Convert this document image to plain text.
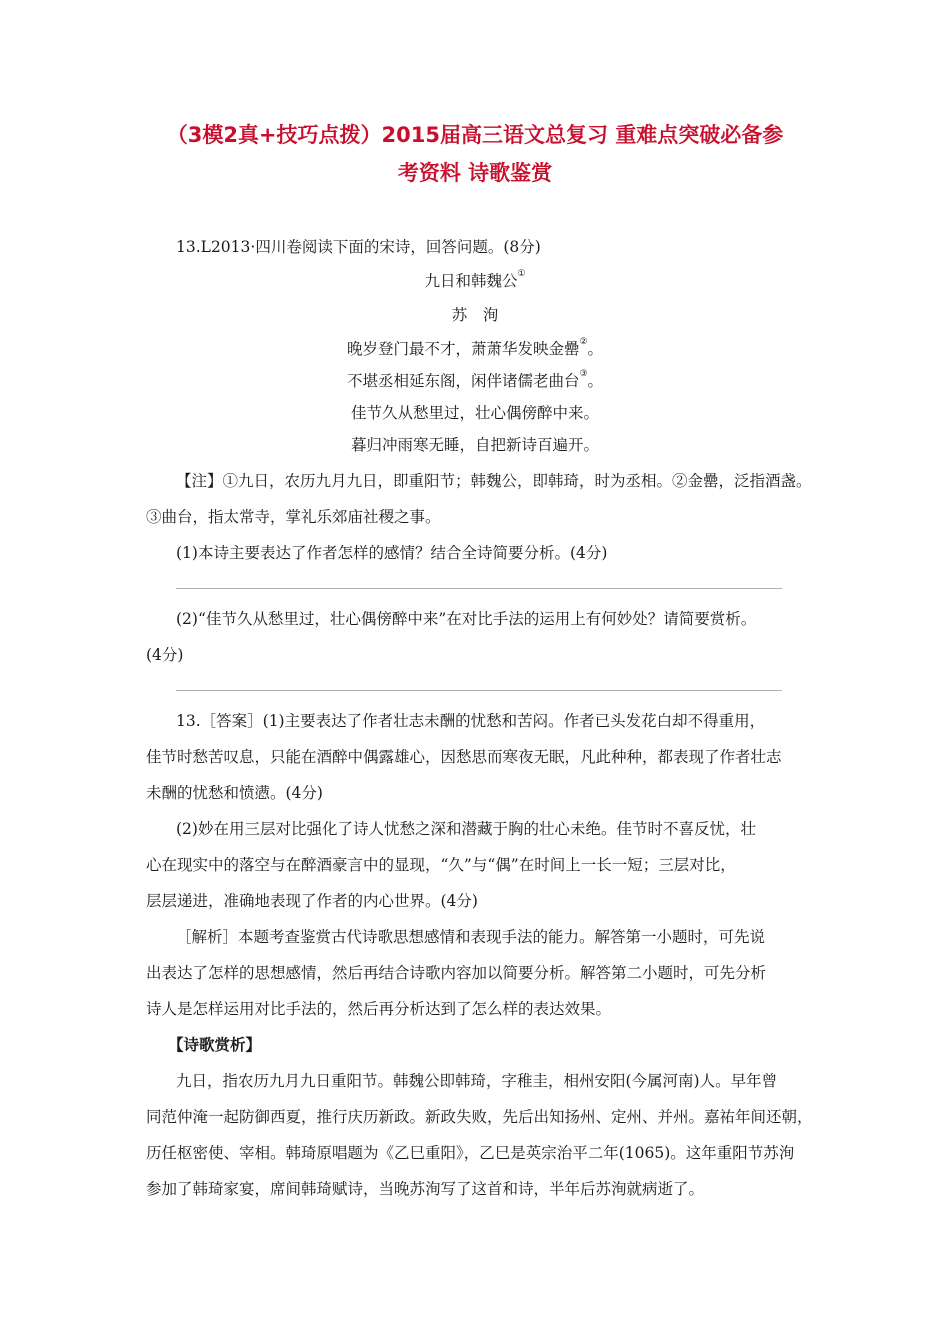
（3模2真+技巧点拨）2015届高三语文总复习 重难点突破必备参
考资料 诗歌鉴赏
13.L2013·四川卷阅读下面的宋诗，回答问题。(8分)
九日和韩魏公①
苏　洵
晚岁登门最不才，萧萧华发映金罍②。
不堪丞相延东阁，闲伴诸儒老曲台③。
佳节久从愁里过，壮心偶傍醉中来。
暮归冲雨寒无睡，自把新诗百遍开。
【注】①九日，农历九月九日，即重阳节；韩魏公，即韩琦，时为丞相。②金罍，泛指酒盏。
③曲台，指太常寺，掌礼乐郊庙社稷之事。
(1)本诗主要表达了作者怎样的感情？结合全诗简要分析。(4分)
(2)“佳节久从愁里过，壮心偶傍醉中来”在对比手法的运用上有何妙处？请简要赏析。
(4分)
13.［答案］(1)主要表达了作者壮志未酬的忧愁和苦闷。作者已头发花白却不得重用，
佳节时愁苦叹息，只能在酒醉中偶露雄心，因愁思而寒夜无眠，凡此种种，都表现了作者壮志
未酬的忧愁和愤懑。(4分)
(2)妙在用三层对比强化了诗人忧愁之深和潜藏于胸的壮心未绝。佳节时不喜反忧，壮
心在现实中的落空与在醉酒豪言中的显现，“久”与“偶”在时间上一长一短；三层对比，
层层递进，准确地表现了作者的内心世界。(4分)
［解析］本题考查鉴赏古代诗歌思想感情和表现手法的能力。解答第一小题时，可先说
出表达了怎样的思想感情，然后再结合诗歌内容加以简要分析。解答第二小题时，可先分析
诗人是怎样运用对比手法的，然后再分析达到了怎么样的表达效果。
【诗歌赏析】
九日，指农历九月九日重阳节。韩魏公即韩琦，字稚圭，相州安阳(今属河南)人。早年曾
同范仲淹一起防御西夏，推行庆历新政。新政失败，先后出知扬州、定州、并州。嘉祐年间还朝，
历任枢密使、宰相。韩琦原唱题为《乙巳重阳》，乙巳是英宗治平二年(1065)。这年重阳节苏洵
参加了韩琦家宴，席间韩琦赋诗，当晚苏洵写了这首和诗，半年后苏洵就病逝了。
